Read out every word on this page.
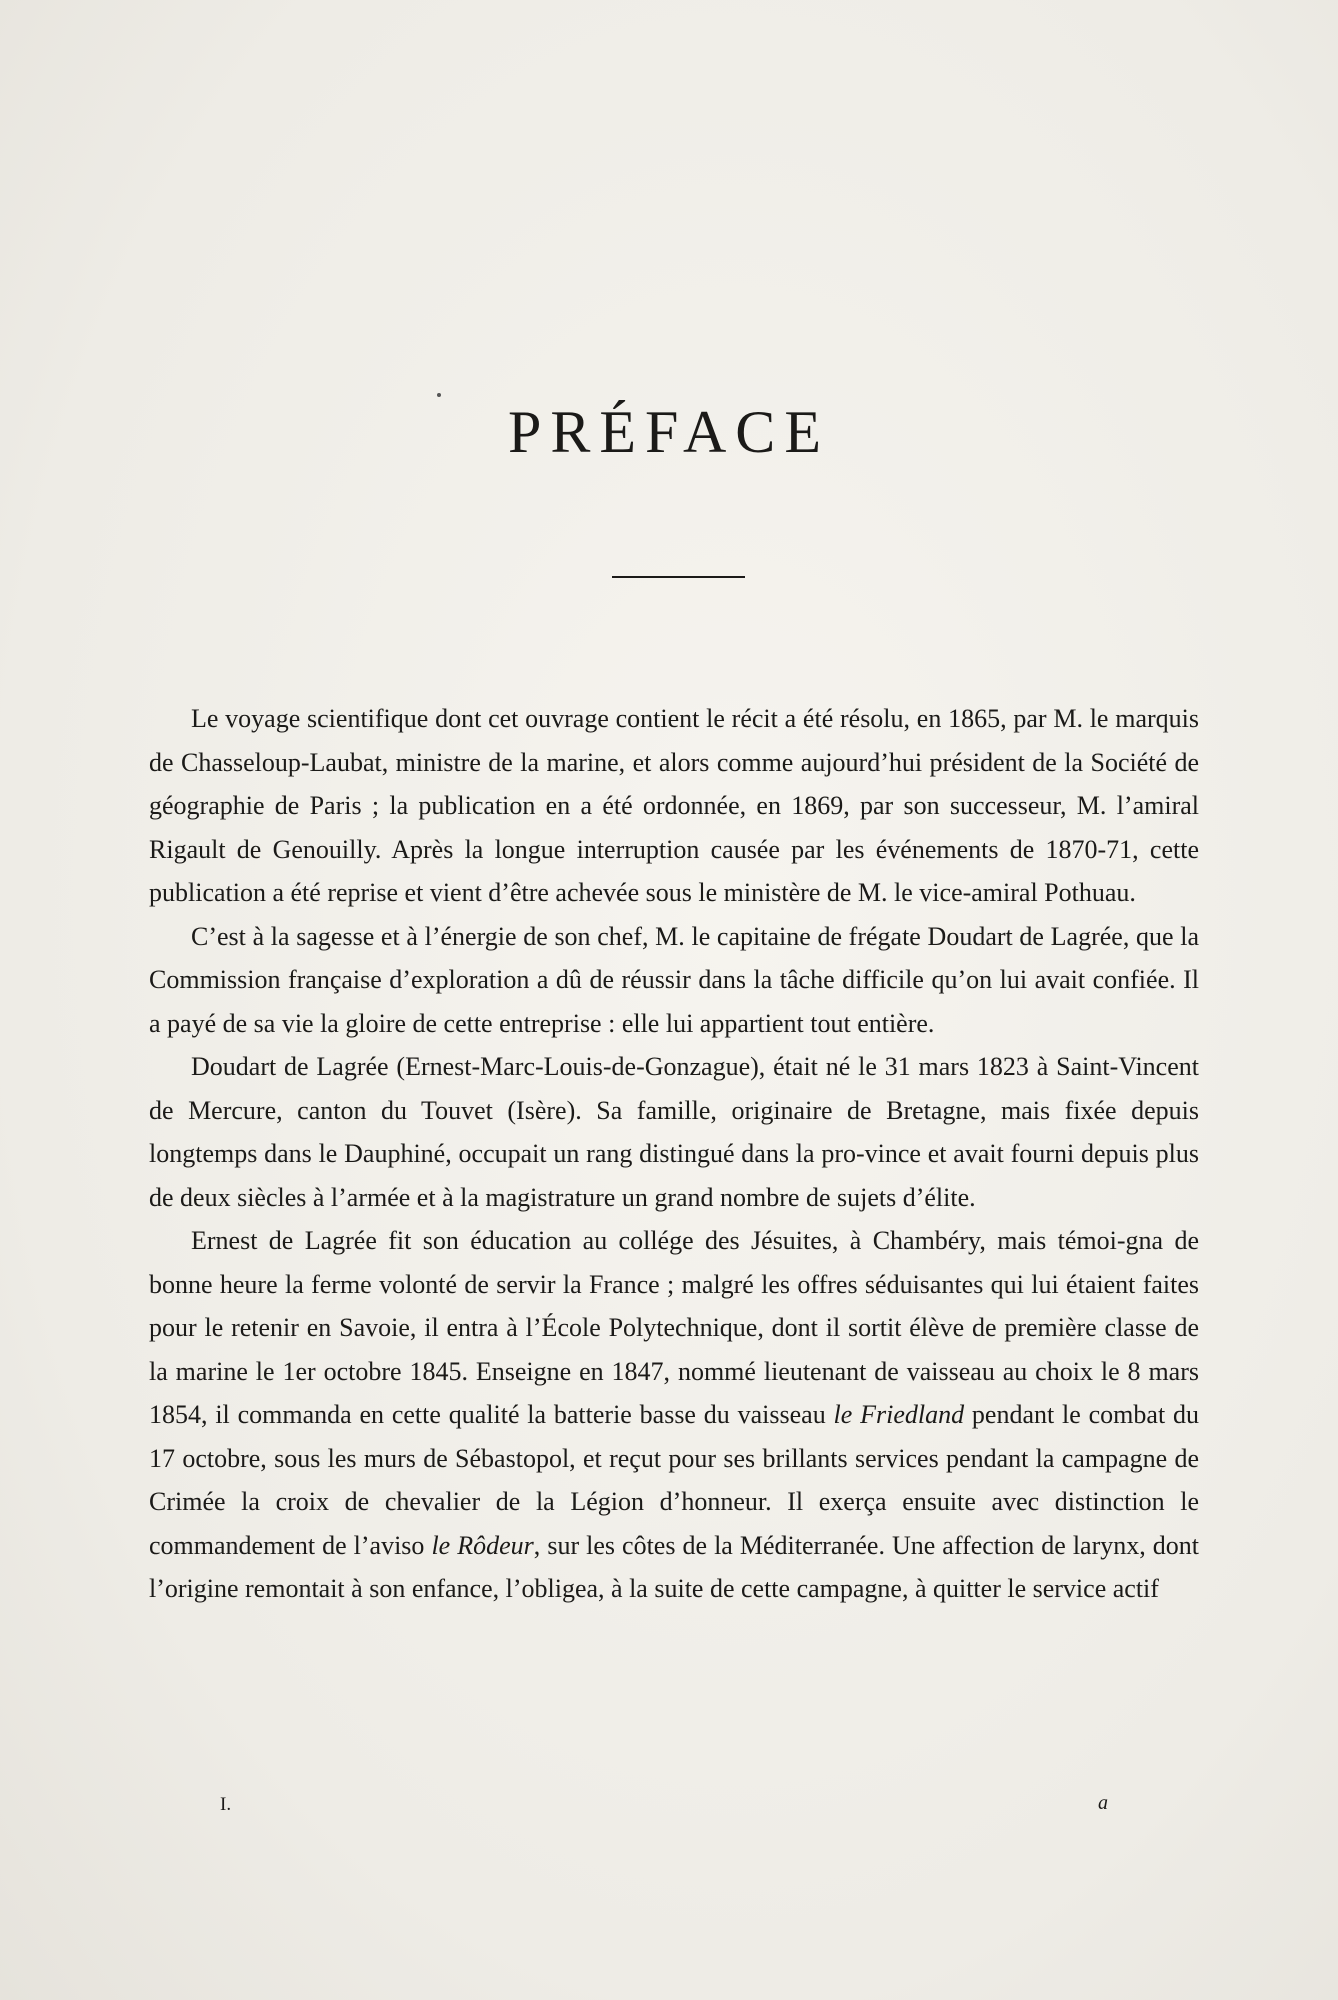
PRÉFACE

Le voyage scientifique dont cet ouvrage contient le récit a été résolu, en 1865, par M. le marquis de Chasseloup-Laubat, ministre de la marine, et alors comme aujourd’hui président de la Société de géographie de Paris ; la publication en a été ordonnée, en 1869, par son successeur, M. l’amiral Rigault de Genouilly. Après la longue interruption causée par les événements de 1870-71, cette publication a été reprise et vient d’être achevée sous le ministère de M. le vice-amiral Pothuau.

C’est à la sagesse et à l’énergie de son chef, M. le capitaine de frégate Doudart de Lagrée, que la Commission française d’exploration a dû de réussir dans la tâche difficile qu’on lui avait confiée. Il a payé de sa vie la gloire de cette entreprise : elle lui appartient tout entière.

Doudart de Lagrée (Ernest-Marc-Louis-de-Gonzague), était né le 31 mars 1823 à Saint-Vincent de Mercure, canton du Touvet (Isère). Sa famille, originaire de Bretagne, mais fixée depuis longtemps dans le Dauphiné, occupait un rang distingué dans la pro-vince et avait fourni depuis plus de deux siècles à l’armée et à la magistrature un grand nombre de sujets d’élite.

Ernest de Lagrée fit son éducation au collége des Jésuites, à Chambéry, mais témoi-gna de bonne heure la ferme volonté de servir la France ; malgré les offres séduisantes qui lui étaient faites pour le retenir en Savoie, il entra à l’École Polytechnique, dont il sortit élève de première classe de la marine le 1er octobre 1845. Enseigne en 1847, nommé lieutenant de vaisseau au choix le 8 mars 1854, il commanda en cette qualité la batterie basse du vaisseau le Friedland pendant le combat du 17 octobre, sous les murs de Sébastopol, et reçut pour ses brillants services pendant la campagne de Crimée la croix de chevalier de la Légion d’honneur. Il exerça ensuite avec distinction le commandement de l’aviso le Rôdeur, sur les côtes de la Méditerranée. Une affection de larynx, dont l’origine remontait à son enfance, l’obligea, à la suite de cette campagne, à quitter le service actif

I.	a
